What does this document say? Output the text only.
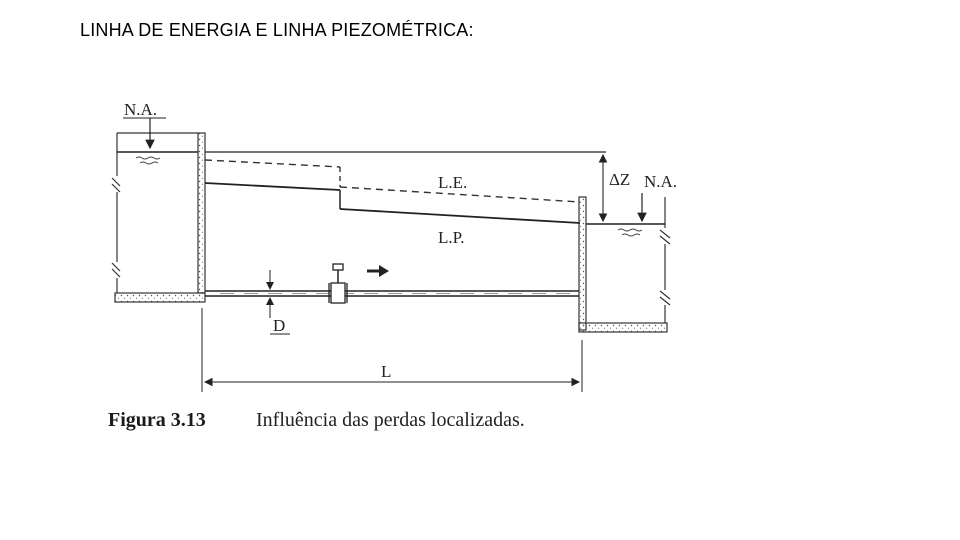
LINHA DE ENERGIA E LINHA PIEZOMÉTRICA:
N.A.
N.A.
L.E.
L.P.
ΔZ
D
L
Figura 3.13	Influência das perdas localizadas.
